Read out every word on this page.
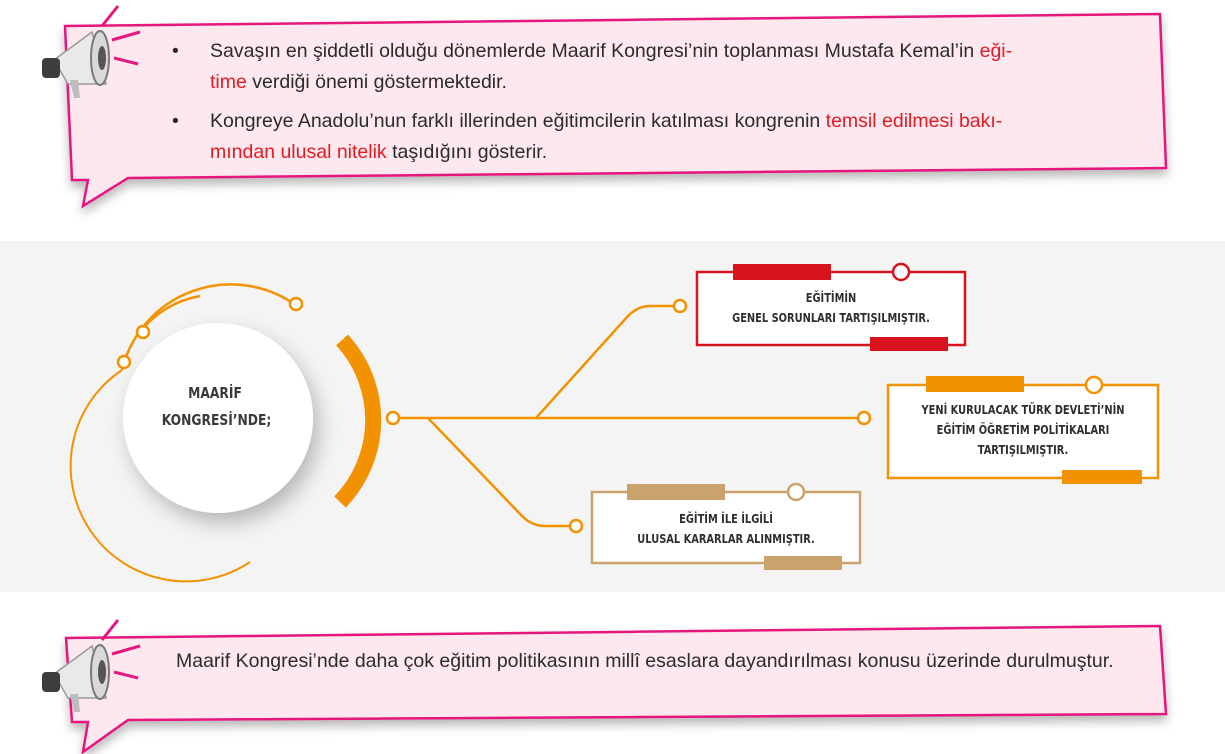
• Savaşın en şiddetli olduğu dönemlerde Maarif Kongresi’nin toplanması Mustafa Kemal’in eği-
time verdiği önemi göstermektedir.
• Kongreye Anadolu’nun farklı illerinden eğitimcilerin katılması kongrenin temsil edilmesi bakı-
mından ulusal nitelik taşıdığını gösterir.
MAARİF
KONGRESİ’NDE;
EĞİTİMİN
GENEL SORUNLARI TARTIŞILMIŞTIR.
YENİ KURULACAK TÜRK DEVLETİ’NİN
EĞİTİM ÖĞRETİM POLİTİKALARI
TARTIŞILMIŞTIR.
EĞİTİM İLE İLGİLİ
ULUSAL KARARLAR ALINMIŞTIR.

Maarif Kongresi’nde daha çok eğitim politikasının millî esaslara dayandırılması konusu üzerinde durulmuştur.
